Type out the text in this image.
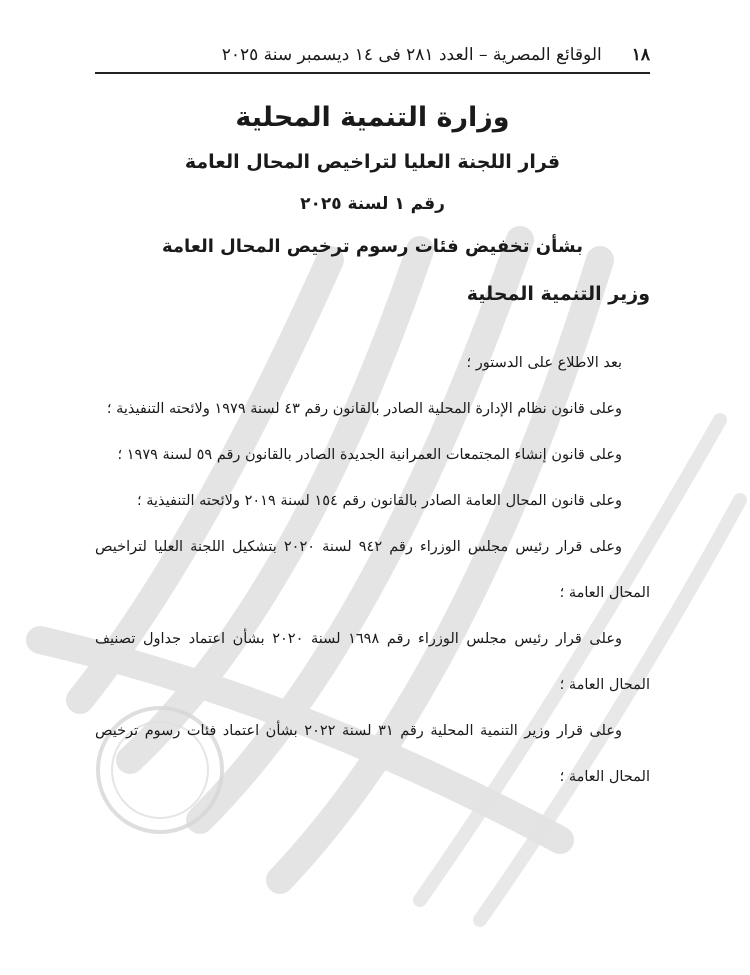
١٨
الوقائع المصرية – العدد ٢٨١ فى ١٤ ديسمبر سنة ٢٠٢٥

وزارة التنمية المحلية

قرار اللجنة العليا لتراخيص المحال العامة

رقم ١ لسنة ٢٠٢٥

بشأن تخفيض فئات رسوم ترخيص المحال العامة

وزير التنمية المحلية

بعد الاطلاع على الدستور ؛

وعلى قانون نظام الإدارة المحلية الصادر بالقانون رقم ٤٣ لسنة ١٩٧٩ ولائحته التنفيذية ؛

وعلى قانون إنشاء المجتمعات العمرانية الجديدة الصادر بالقانون رقم ٥٩ لسنة ١٩٧٩ ؛

وعلى قانون المحال العامة الصادر بالقانون رقم ١٥٤ لسنة ٢٠١٩ ولائحته التنفيذية ؛

وعلى قرار رئيس مجلس الوزراء رقم ٩٤٢ لسنة ٢٠٢٠ بتشكيل اللجنة العليا لتراخيص المحال العامة ؛

وعلى قرار رئيس مجلس الوزراء رقم ١٦٩٨ لسنة ٢٠٢٠ بشأن اعتماد جداول تصنيف المحال العامة ؛

وعلى قرار وزير التنمية المحلية رقم ٣١ لسنة ٢٠٢٢ بشأن اعتماد فئات رسوم ترخيص المحال العامة ؛
